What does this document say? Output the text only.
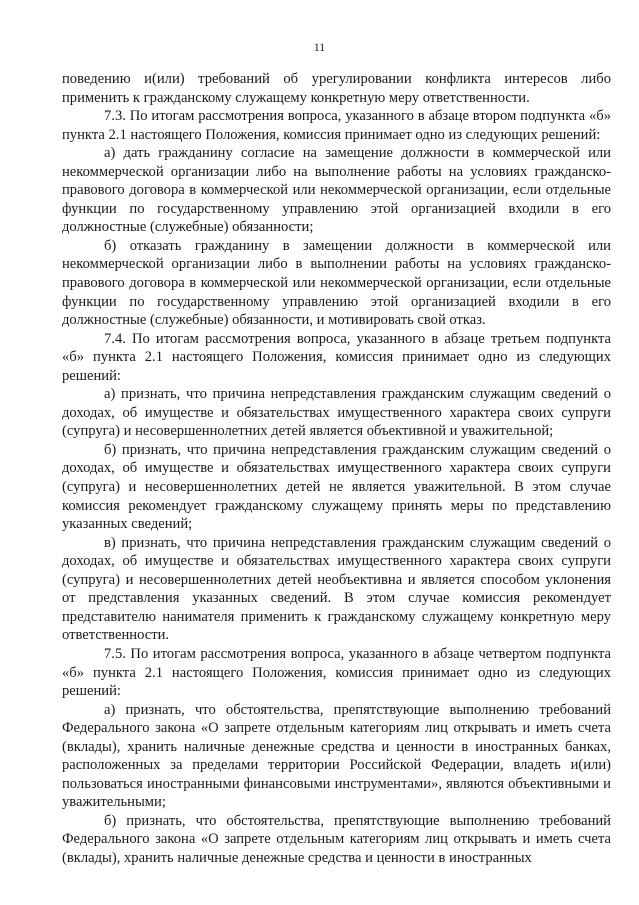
11

поведению и(или) требований об урегулировании конфликта интересов либо применить к гражданскому служащему конкретную меру ответственности.

7.3. По итогам рассмотрения вопроса, указанного в абзаце втором подпункта «б» пункта 2.1 настоящего Положения, комиссия принимает одно из следующих решений:

а) дать гражданину согласие на замещение должности в коммерческой или некоммерческой организации либо на выполнение работы на условиях гражданско-правового договора в коммерческой или некоммерческой организации, если отдельные функции по государственному управлению этой организацией входили в его должностные (служебные) обязанности;

б) отказать гражданину в замещении должности в коммерческой или некоммерческой организации либо в выполнении работы на условиях гражданско-правового договора в коммерческой или некоммерческой организации, если отдельные функции по государственному управлению этой организацией входили в его должностные (служебные) обязанности, и мотивировать свой отказ.

7.4. По итогам рассмотрения вопроса, указанного в абзаце третьем подпункта «б» пункта 2.1 настоящего Положения, комиссия принимает одно из следующих решений:

а) признать, что причина непредставления гражданским служащим сведений о доходах, об имуществе и обязательствах имущественного характера своих супруги (супруга) и несовершеннолетних детей является объективной и уважительной;

б) признать, что причина непредставления гражданским служащим сведений о доходах, об имуществе и обязательствах имущественного характера своих супруги (супруга) и несовершеннолетних детей не является уважительной. В этом случае комиссия рекомендует гражданскому служащему принять меры по представлению указанных сведений;

в) признать, что причина непредставления гражданским служащим сведений о доходах, об имуществе и обязательствах имущественного характера своих супруги (супруга) и несовершеннолетних детей необъективна и является способом уклонения от представления указанных сведений. В этом случае комиссия рекомендует представителю нанимателя применить к гражданскому служащему конкретную меру ответственности.

7.5. По итогам рассмотрения вопроса, указанного в абзаце четвертом подпункта «б» пункта 2.1 настоящего Положения, комиссия принимает одно из следующих решений:

а) признать, что обстоятельства, препятствующие выполнению требований Федерального закона «О запрете отдельным категориям лиц открывать и иметь счета (вклады), хранить наличные денежные средства и ценности в иностранных банках, расположенных за пределами территории Российской Федерации, владеть и(или) пользоваться иностранными финансовыми инструментами», являются объективными и уважительными;

б) признать, что обстоятельства, препятствующие выполнению требований Федерального закона «О запрете отдельным категориям лиц открывать и иметь счета (вклады), хранить наличные денежные средства и ценности в иностранных
